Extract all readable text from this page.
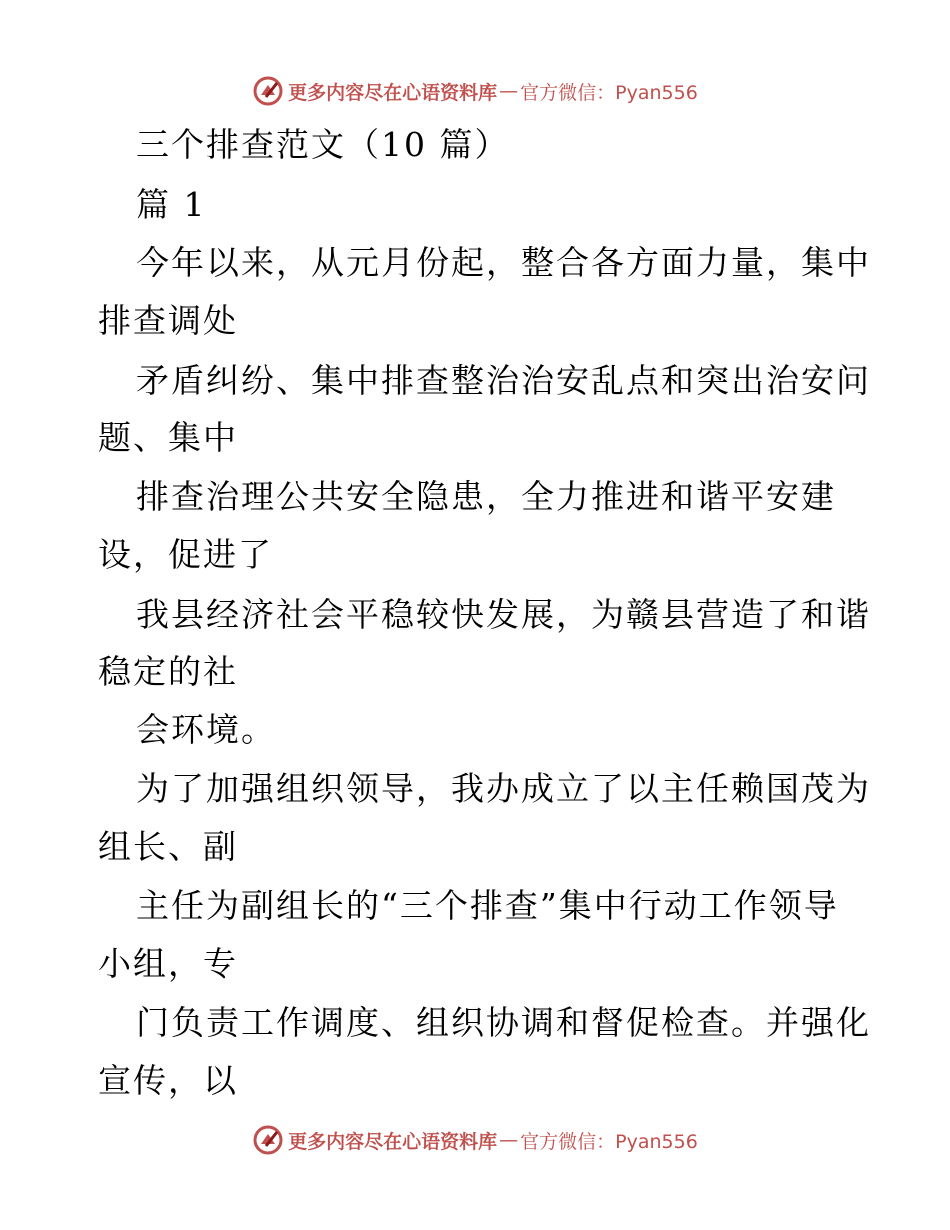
更多内容尽在心语资料库 — 官方微信：Pyan556
三个排查范文（10 篇）
篇 1
今年以来，从元月份起，整合各方面力量，集中
排查调处
矛盾纠纷、集中排查整治治安乱点和突出治安问
题、集中
排查治理公共安全隐患，全力推进和谐平安建
设，促进了
我县经济社会平稳较快发展，为赣县营造了和谐
稳定的社
会环境。
为了加强组织领导，我办成立了以主任赖国茂为
组长、副
主任为副组长的“三个排查”集中行动工作领导
小组，专
门负责工作调度、组织协调和督促检查。并强化
宣传，以
更多内容尽在心语资料库 — 官方微信：Pyan556
